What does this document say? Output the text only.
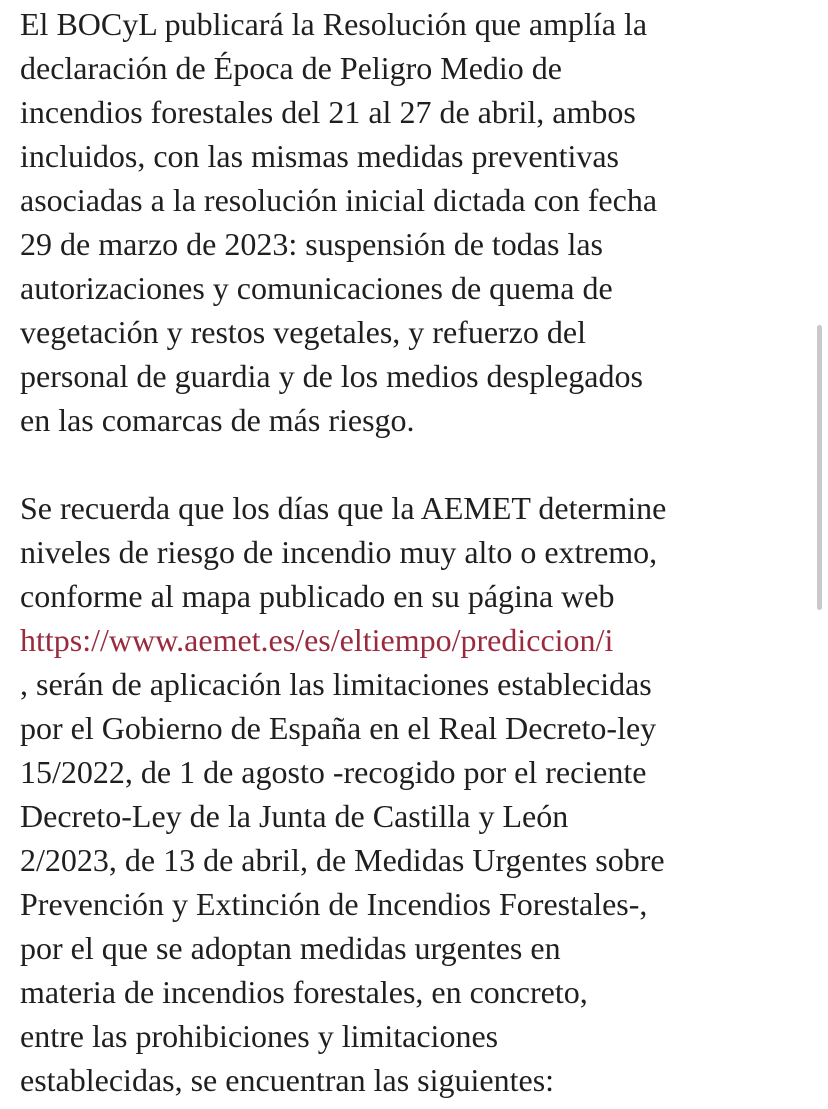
El BOCyL publicará la Resolución que amplía la
declaración de Época de Peligro Medio de
incendios forestales del 21 al 27 de abril, ambos
incluidos, con las mismas medidas preventivas
asociadas a la resolución inicial dictada con fecha
29 de marzo de 2023: suspensión de todas las
autorizaciones y comunicaciones de quema de
vegetación y restos vegetales, y refuerzo del
personal de guardia y de los medios desplegados
en las comarcas de más riesgo.

Se recuerda que los días que la AEMET determine
niveles de riesgo de incendio muy alto o extremo,
conforme al mapa publicado en su página web
https://www.aemet.es/es/eltiempo/prediccion/i
, serán de aplicación las limitaciones establecidas
por el Gobierno de España en el Real Decreto-ley
15/2022, de 1 de agosto -recogido por el reciente
Decreto-Ley de la Junta de Castilla y León
2/2023, de 13 de abril, de Medidas Urgentes sobre
Prevención y Extinción de Incendios Forestales-,
por el que se adoptan medidas urgentes en
materia de incendios forestales, en concreto,
entre las prohibiciones y limitaciones
establecidas, se encuentran las siguientes:
